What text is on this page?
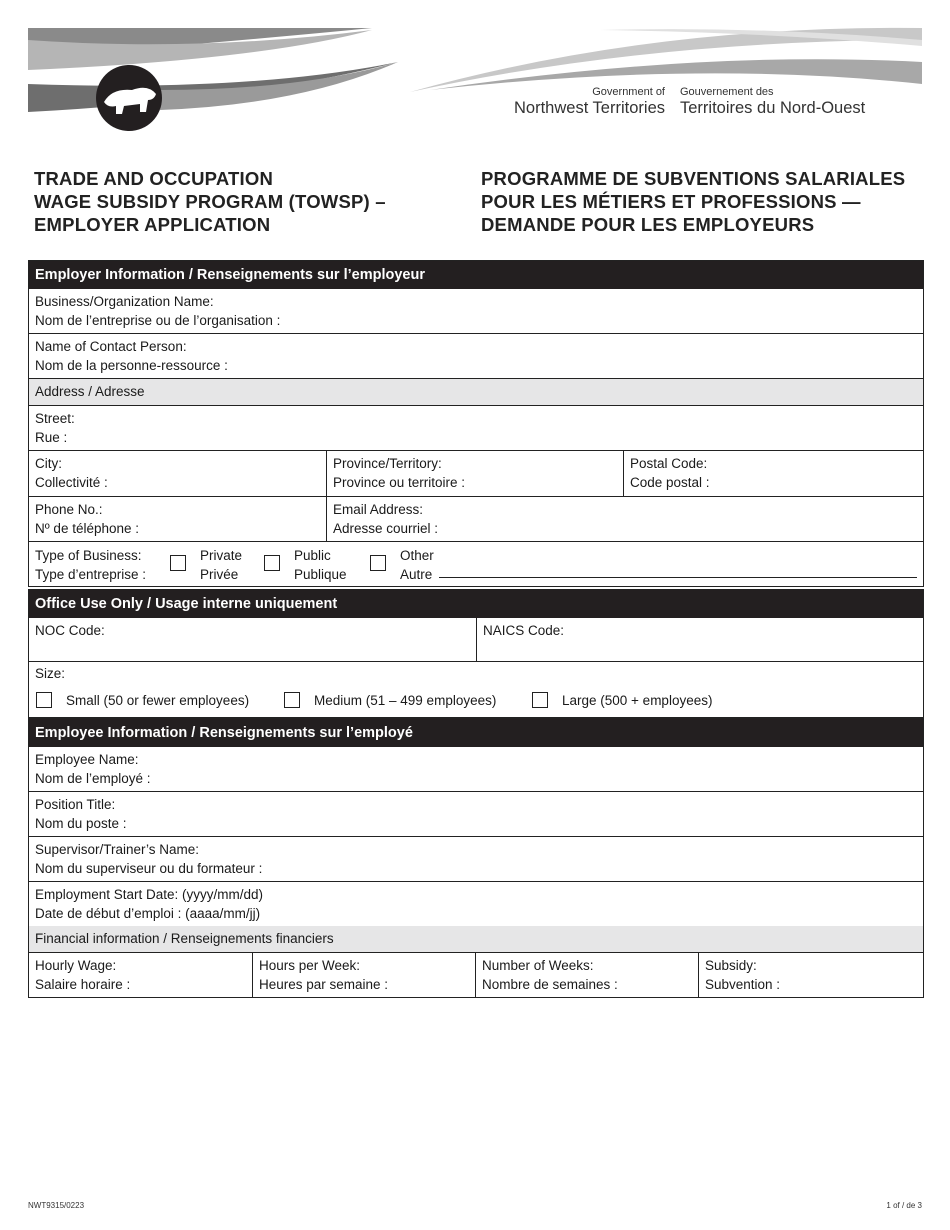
Government of
Northwest Territories
Gouvernement des
Territoires du Nord-Ouest
TRADE AND OCCUPATION
WAGE SUBSIDY PROGRAM (TOWSP) –
EMPLOYER APPLICATION
PROGRAMME DE SUBVENTIONS SALARIALES
POUR LES MÉTIERS ET PROFESSIONS —
DEMANDE POUR LES EMPLOYEURS
Employer Information / Renseignements sur l’employeur
Business/Organization Name:
Nom de l’entreprise ou de l’organisation :
Name of Contact Person:
Nom de la personne-ressource :
Address / Adresse
Street:
Rue :
City:
Collectivité :
Province/Territory:
Province ou territoire :
Postal Code:
Code postal :
Phone No.:
Nº de téléphone :
Email Address:
Adresse courriel :
Type of Business:
Type d’entreprise :
Private
Privée
Public
Publique
Other
Autre
Office Use Only / Usage interne uniquement
NOC Code:	NAICS Code:
Size:
Small (50 or fewer employees)	Medium (51 – 499 employees)	Large (500 + employees)
Employee Information / Renseignements sur l’employé
Employee Name:
Nom de l’employé :
Position Title:
Nom du poste :
Supervisor/Trainer’s Name:
Nom du superviseur ou du formateur :
Employment Start Date: (yyyy/mm/dd)
Date de début d’emploi : (aaaa/mm/jj)
Financial information / Renseignements financiers
Hourly Wage:
Salaire horaire :
Hours per Week:
Heures par semaine :
Number of Weeks:
Nombre de semaines :
Subsidy:
Subvention :
NWT9315/0223	1 of / de 3
